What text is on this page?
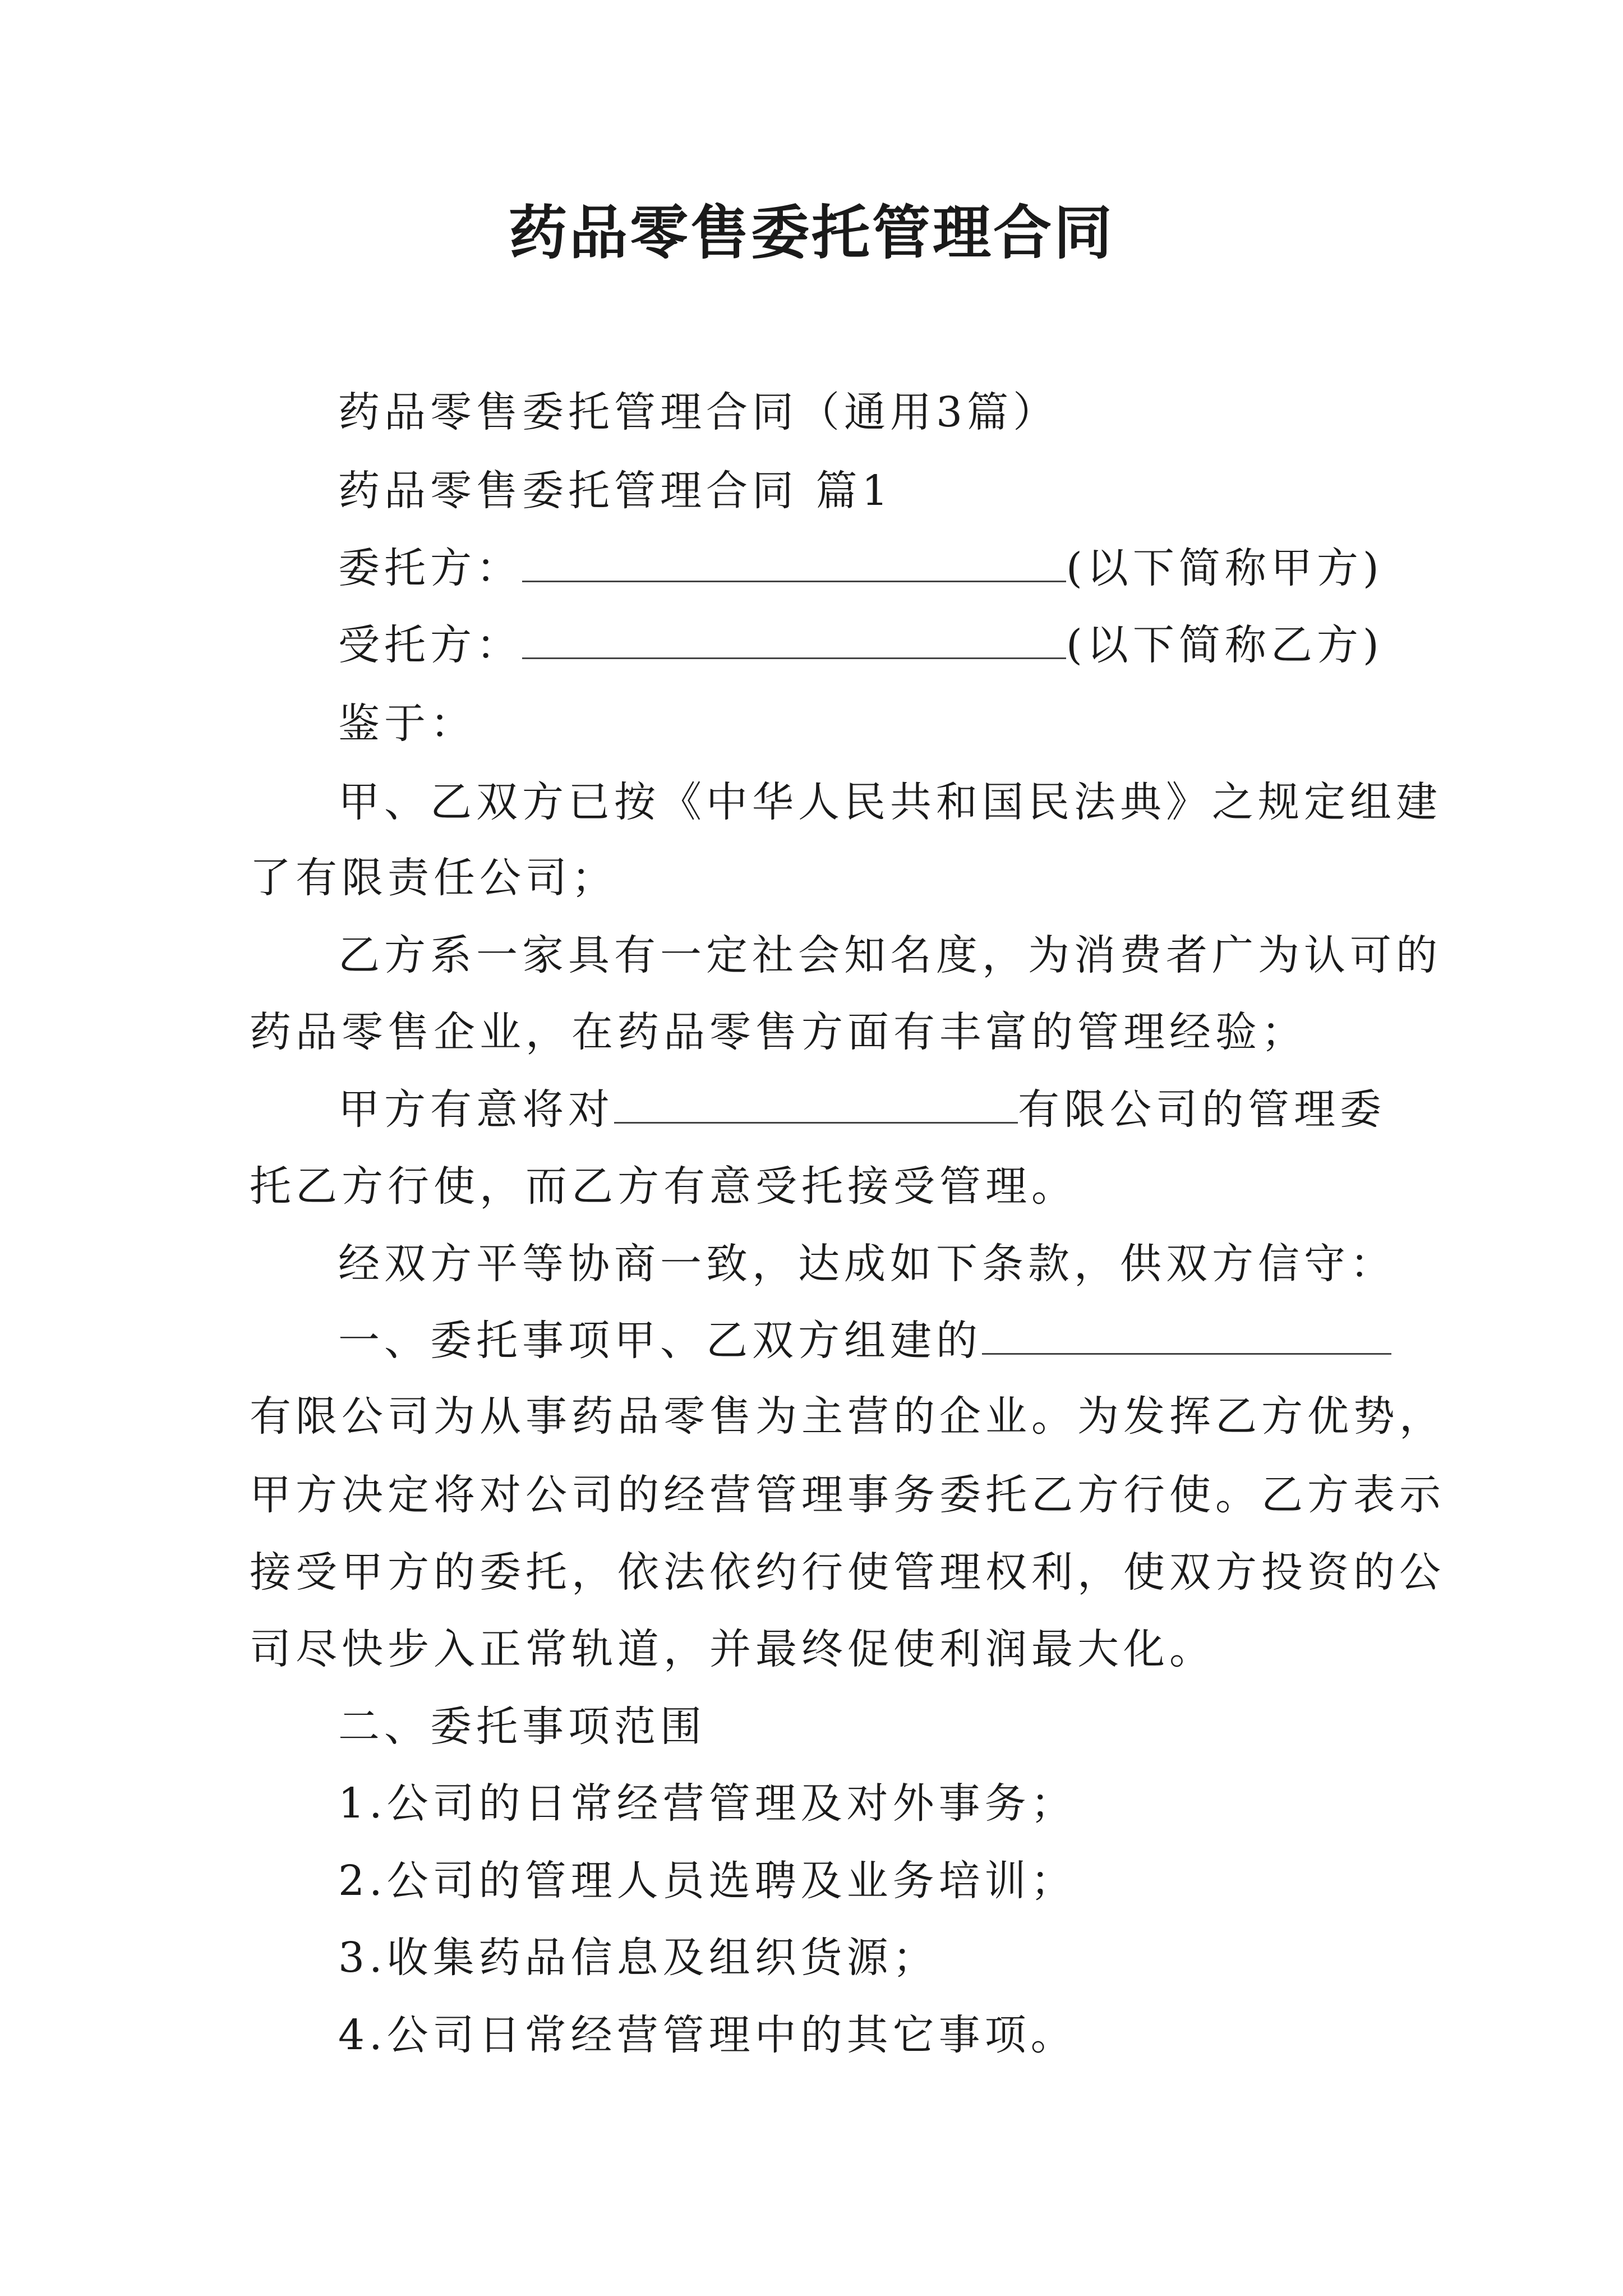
药品零售委托管理合同

药品零售委托管理合同（通用3篇）

药品零售委托管理合同 篇1

委托方：	(以下简称甲方)

受托方：	(以下简称乙方)

鉴于：

甲、乙双方已按《中华人民共和国民法典》之规定组建

了有限责任公司；

乙方系一家具有一定社会知名度，为消费者广为认可的

药品零售企业，在药品零售方面有丰富的管理经验；

甲方有意将对	有限公司的管理委

托乙方行使，而乙方有意受托接受管理。

经双方平等协商一致，达成如下条款，供双方信守：

一、委托事项甲、乙双方组建的

有限公司为从事药品零售为主营的企业。为发挥乙方优势，

甲方决定将对公司的经营管理事务委托乙方行使。乙方表示

接受甲方的委托，依法依约行使管理权利，使双方投资的公

司尽快步入正常轨道，并最终促使利润最大化。

二、委托事项范围

1.公司的日常经营管理及对外事务；

2.公司的管理人员选聘及业务培训；

3.收集药品信息及组织货源；

4.公司日常经营管理中的其它事项。
